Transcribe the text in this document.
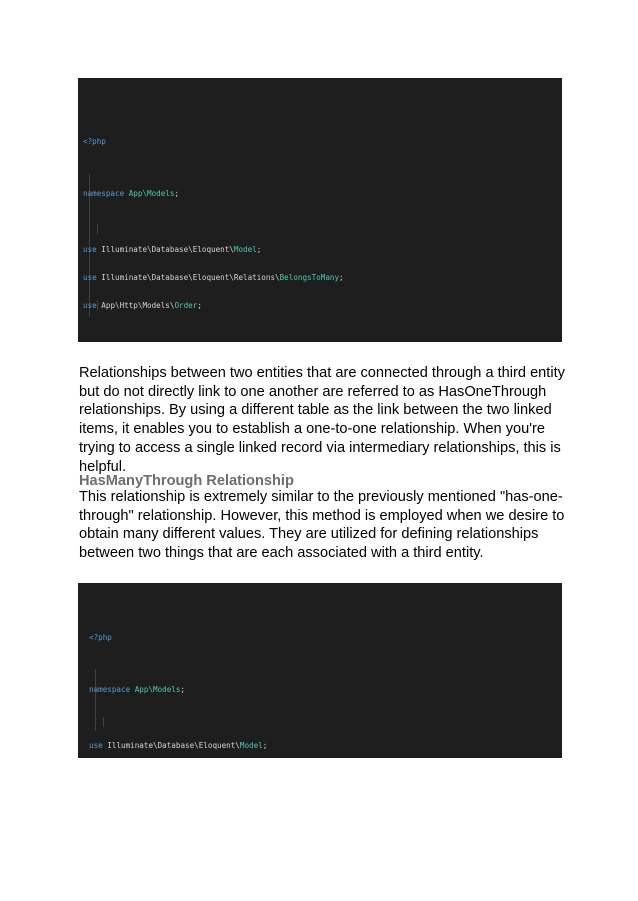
<?php

namespace App\Models;

use Illuminate\Database\Eloquent\Model;

use Illuminate\Database\Eloquent\Relations\BelongsToMany;

use App\Http\Models\Order;

Relationships between two entities that are connected through a third entity but do not directly link to one another are referred to as HasOneThrough relationships. By using a different table as the link between the two linked items, it enables you to establish a one-to-one relationship. When you're trying to access a single linked record via intermediary relationships, this is helpful.
HasManyThrough Relationship
This relationship is extremely similar to the previously mentioned "has-one-through" relationship. However, this method is employed when we desire to obtain many different values. They are utilized for defining relationships between two things that are each associated with a third entity.

<?php

namespace App\Models;

use Illuminate\Database\Eloquent\Model;
